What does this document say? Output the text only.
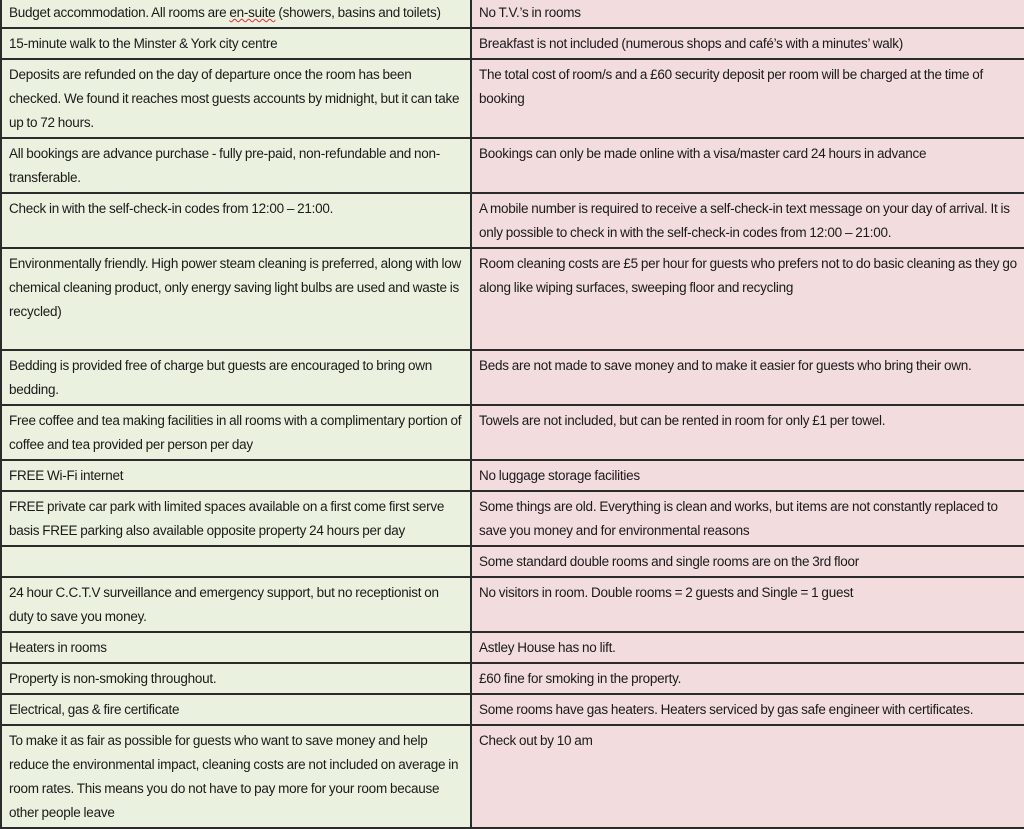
Budget accommodation. All rooms are en-suite (showers, basins and toilets)	No T.V.’s in rooms
15-minute walk to the Minster & York city centre	Breakfast is not included (numerous shops and café’s with a minutes’ walk)
Deposits are refunded on the day of departure once the room has been checked. We found it reaches most guests accounts by midnight, but it can take up to 72 hours.	The total cost of room/s and a £60 security deposit per room will be charged at the time of booking
All bookings are advance purchase - fully pre-paid, non-refundable and non-transferable.	Bookings can only be made online with a visa/master card 24 hours in advance
Check in with the self-check-in codes from 12:00 – 21:00.	A mobile number is required to receive a self-check-in text message on your day of arrival. It is only possible to check in with the self-check-in codes from 12:00 – 21:00.
Environmentally friendly. High power steam cleaning is preferred, along with low chemical cleaning product, only energy saving light bulbs are used and waste is recycled)	Room cleaning costs are £5 per hour for guests who prefers not to do basic cleaning as they go along like wiping surfaces, sweeping floor and recycling
Bedding is provided free of charge but guests are encouraged to bring own bedding.	Beds are not made to save money and to make it easier for guests who bring their own.
Free coffee and tea making facilities in all rooms with a complimentary portion of coffee and tea provided per person per day	Towels are not included, but can be rented in room for only £1 per towel.
FREE Wi-Fi internet	No luggage storage facilities
FREE private car park with limited spaces available on a first come first serve basis FREE parking also available opposite property 24 hours per day	Some things are old. Everything is clean and works, but items are not constantly replaced to save you money and for environmental reasons
	Some standard double rooms and single rooms are on the 3rd floor
24 hour C.C.T.V surveillance and emergency support, but no receptionist on duty to save you money.	No visitors in room. Double rooms = 2 guests and Single = 1 guest
Heaters in rooms	Astley House has no lift.
Property is non-smoking throughout.	£60 fine for smoking in the property.
Electrical, gas & fire certificate	Some rooms have gas heaters. Heaters serviced by gas safe engineer with certificates.
To make it as fair as possible for guests who want to save money and help reduce the environmental impact, cleaning costs are not included on average in room rates. This means you do not have to pay more for your room because other people leave	Check out by 10 am
